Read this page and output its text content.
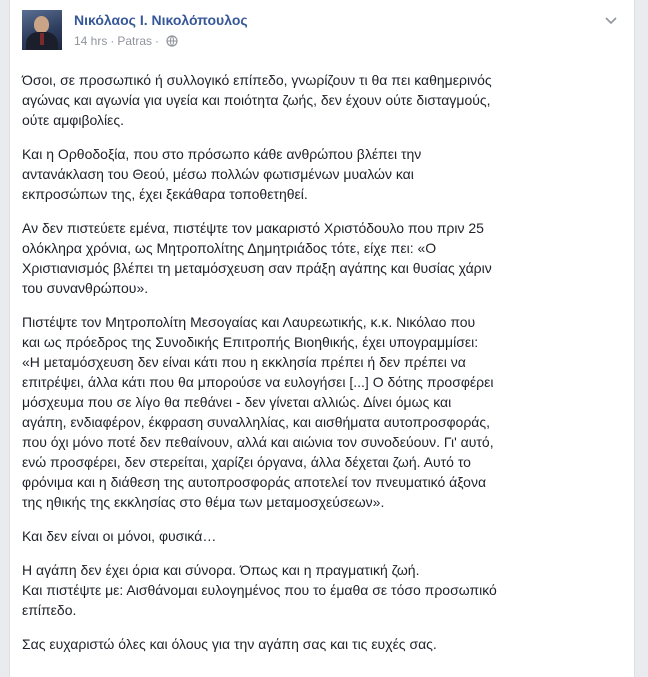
Νικόλαος Ι. Νικολόπουλος
14 hrs · Patras ·

Όσοι, σε προσωπικό ή συλλογικό επίπεδο, γνωρίζουν τι θα πει καθημερινός
αγώνας και αγωνία για υγεία και ποιότητα ζωής, δεν έχουν ούτε δισταγμούς,
ούτε αμφιβολίες.

Και η Ορθοδοξία, που στο πρόσωπο κάθε ανθρώπου βλέπει την
αντανάκλαση του Θεού, μέσω πολλών φωτισμένων μυαλών και
εκπροσώπων της, έχει ξεκάθαρα τοποθετηθεί.

Αν δεν πιστεύετε εμένα, πιστέψτε τον μακαριστό Χριστόδουλο που πριν 25
ολόκληρα χρόνια, ως Μητροπολίτης Δημητριάδος τότε, είχε πει: «Ο
Χριστιανισμός βλέπει τη μεταμόσχευση σαν πράξη αγάπης και θυσίας χάριν
του συνανθρώπου».

Πιστέψτε τον Μητροπολίτη Μεσογαίας και Λαυρεωτικής, κ.κ. Νικόλαο που
και ως πρόεδρος της Συνοδικής Επιτροπής Βιοηθικής, έχει υπογραμμίσει:
«Η μεταμόσχευση δεν είναι κάτι που η εκκλησία πρέπει ή δεν πρέπει να
επιτρέψει, άλλα κάτι που θα μπορούσε να ευλογήσει [...] Ο δότης προσφέρει
μόσχευμα που σε λίγο θα πεθάνει - δεν γίνεται αλλιώς. Δίνει όμως και
αγάπη, ενδιαφέρον, έκφραση συναλληλίας, και αισθήματα αυτοπροσφοράς,
που όχι μόνο ποτέ δεν πεθαίνουν, αλλά και αιώνια τον συνοδεύουν. Γι' αυτό,
ενώ προσφέρει, δεν στερείται, χαρίζει όργανα, άλλα δέχεται ζωή. Αυτό το
φρόνιμα και η διάθεση της αυτοπροσφοράς αποτελεί τον πνευματικό άξονα
της ηθικής της εκκλησίας στο θέμα των μεταμοσχεύσεων».

Και δεν είναι οι μόνοι, φυσικά…

Η αγάπη δεν έχει όρια και σύνορα. Όπως και η πραγματική ζωή.
Και πιστέψτε με: Αισθάνομαι ευλογημένος που το έμαθα σε τόσο προσωπικό
επίπεδο.

Σας ευχαριστώ όλες και όλους για την αγάπη σας και τις ευχές σας.
